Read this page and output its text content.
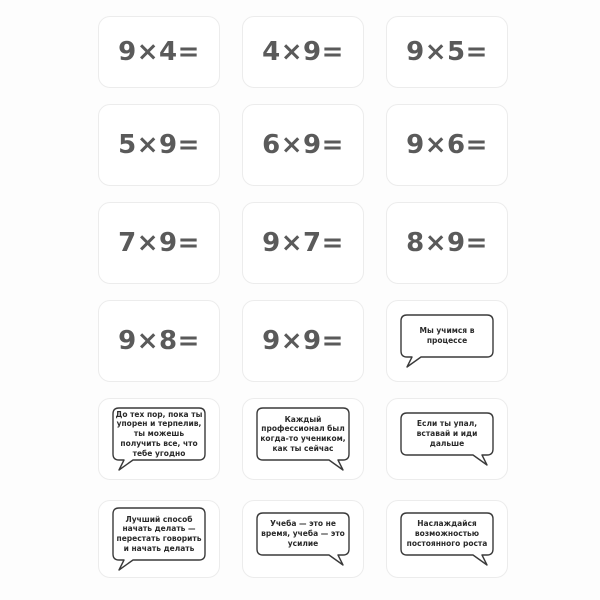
9×4= 4×9= 9×5=
5×9= 6×9= 9×6=
7×9= 9×7= 8×9=
9×8= 9×9=	Мы учимся в процессе
До тех пор, пока ты упорен и терпелив, ты можешь получить все, что тебе угодно
Каждый профессионал был когда-то учеником, как ты сейчас
Если ты упал, вставай и иди дальше
Лучший способ начать делать — перестать говорить и начать делать
Учеба — это не время, учеба — это усилие
Наслаждайся возможностью постоянного роста
